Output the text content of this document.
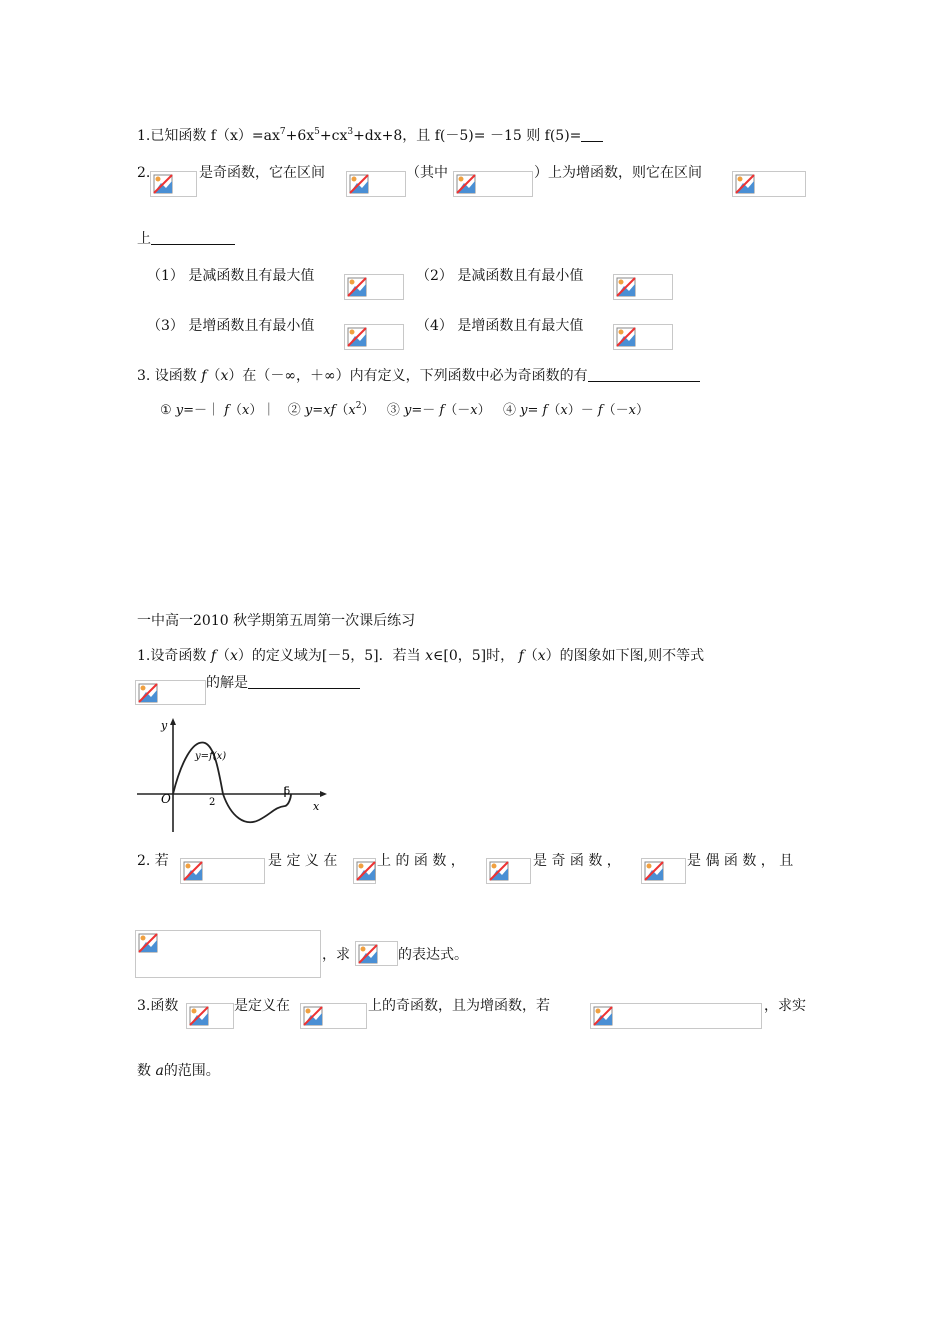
1.已知函数 $f(x)=ax^7+6x^5+cx^3+dx+8$，且 f(－5)= －15 则 f(5)=
2.	是奇函数，它在区间	（其中	）上为增函数，则它在区间
上
（1） 是减函数且有最大值	（2） 是减函数且有最小值
（3） 是增函数且有最小值	（4） 是增函数且有最大值
3. 设函数 f（x）在（－∞，＋∞）内有定义，下列函数中必为奇函数的有
① y=－｜ f（x）｜ ② $y=xf(x^2)$ ③ y=－ f（－x） ④ y= f（x）－ f（－x）
一中高一2010 秋学期第五周第一次课后练习
1.设奇函数 f（x）的定义域为[－5，5]．若当 x∈[0，5]时， f（x）的图象如下图,则不等式
的解是
y
x
O
y=f(x)
2
5
2. 若	是 定 义 在	上 的 函 数 ，	是 奇 函 数 ，	是 偶 函 数 ， 且
，求	的表达式。
3.函数	是定义在	上的奇函数，且为增函数，若	，求实
数 a的范围。
